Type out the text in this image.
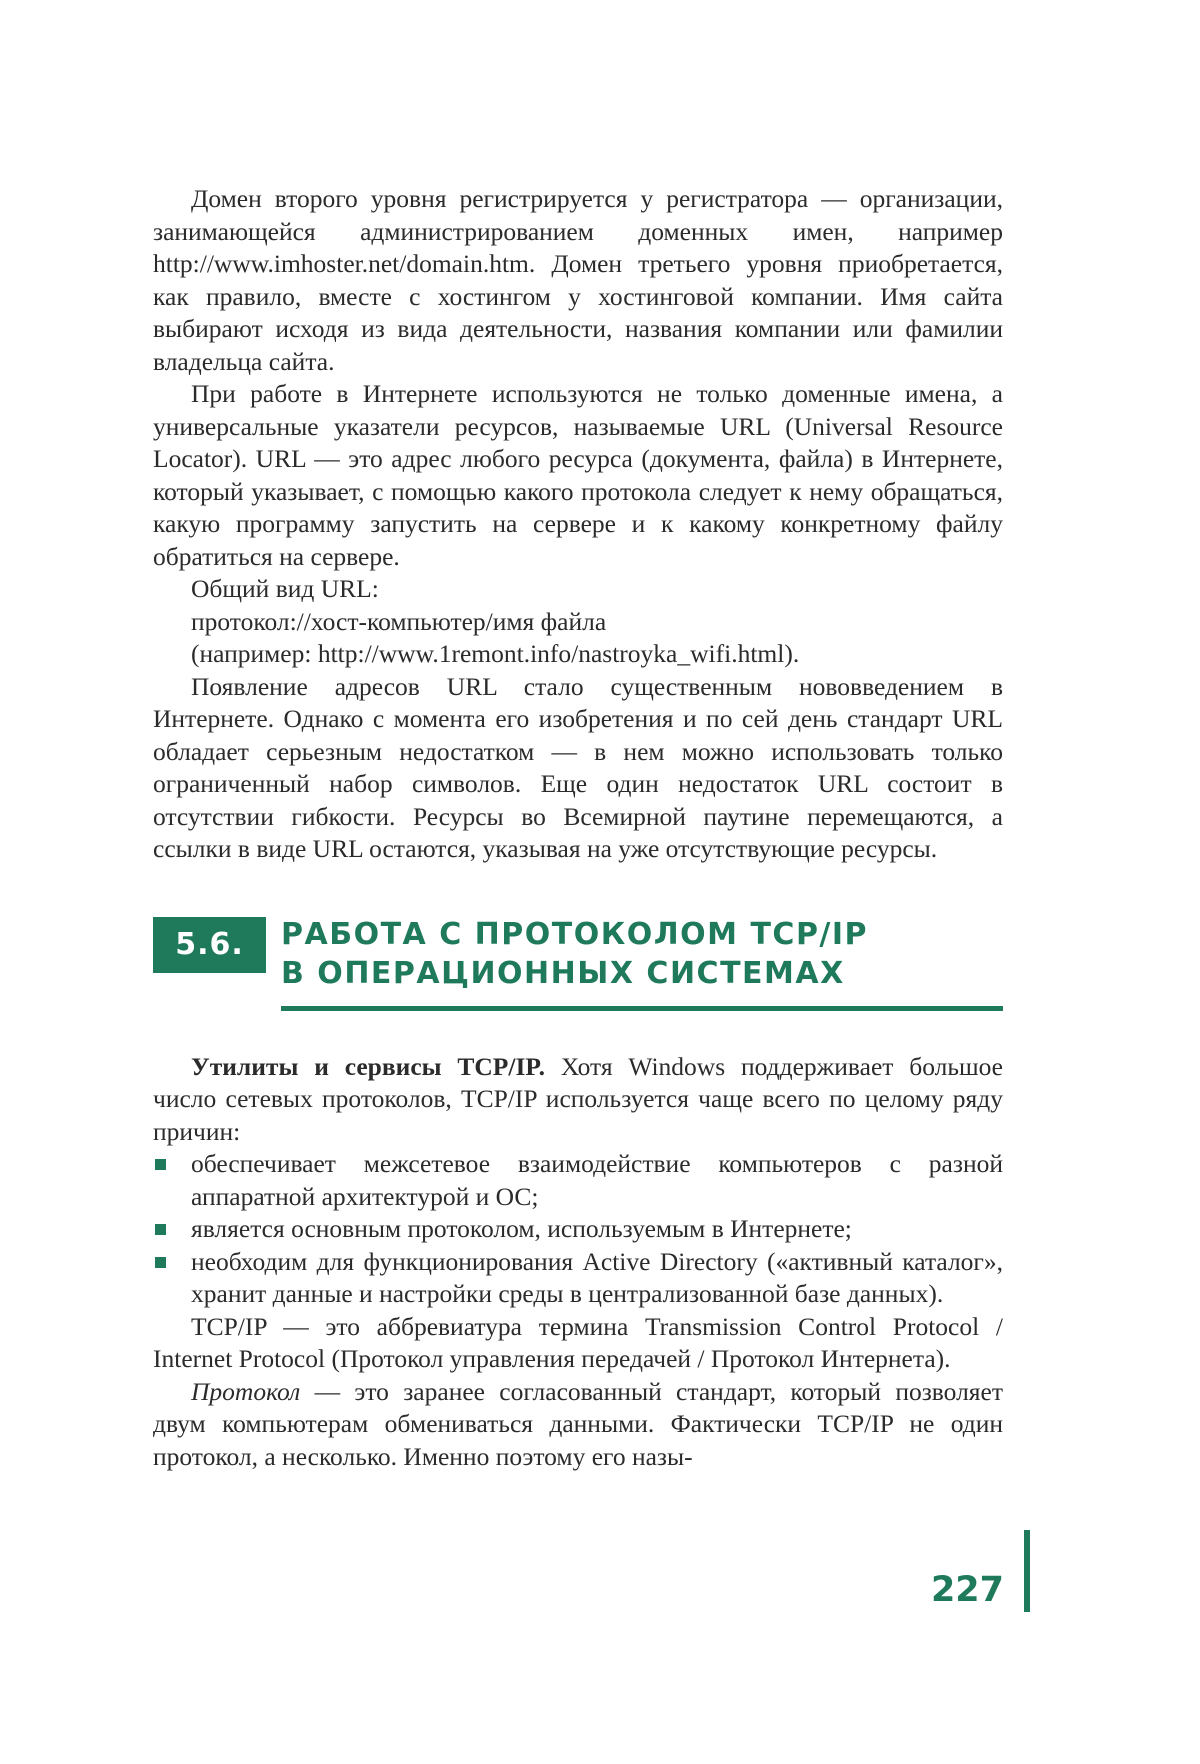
Домен второго уровня регистрируется у регистратора — организации, занимающейся администрированием доменных имен, например http://www.imhoster.net/domain.htm. Домен третьего уровня приобретается, как правило, вместе с хостингом у хостинговой компании. Имя сайта выбирают исходя из вида деятельности, названия компании или фамилии владельца сайта.

При работе в Интернете используются не только доменные имена, а универсальные указатели ресурсов, называемые URL (Universal Resource Locator). URL — это адрес любого ресурса (документа, файла) в Интернете, который указывает, с помощью какого протокола следует к нему обращаться, какую программу запустить на сервере и к какому конкретному файлу обратиться на сервере.

Общий вид URL:

протокол://хост-компьютер/имя файла

(например: http://www.1remont.info/nastroyka_wifi.html).

Появление адресов URL стало существенным нововведением в Интернете. Однако с момента его изобретения и по сей день стандарт URL обладает серьезным недостатком — в нем можно использовать только ограниченный набор символов. Еще один недостаток URL состоит в отсутствии гибкости. Ресурсы во Всемирной паутине перемещаются, а ссылки в виде URL остаются, указывая на уже отсутствующие ресурсы.

5.6.	РАБОТА С ПРОТОКОЛОМ TCP/IP
В ОПЕРАЦИОННЫХ СИСТЕМАХ

Утилиты и сервисы TCP/IP. Хотя Windows поддерживает большое число сетевых протоколов, TCP/IP используется чаще всего по целому ряду причин:

обеспечивает межсетевое взаимодействие компьютеров с разной аппаратной архитектурой и ОС;
является основным протоколом, используемым в Интернете;
необходим для функционирования Active Directory («активный каталог», хранит данные и настройки среды в централизованной базе данных).

TCP/IP — это аббревиатура термина Transmission Control Protocol / Internet Protocol (Протокол управления передачей / Протокол Интернета).

Протокол — это заранее согласованный стандарт, который позволяет двум компьютерам обмениваться данными. Фактически TCP/IP не один протокол, а несколько. Именно поэтому его назы-

227
